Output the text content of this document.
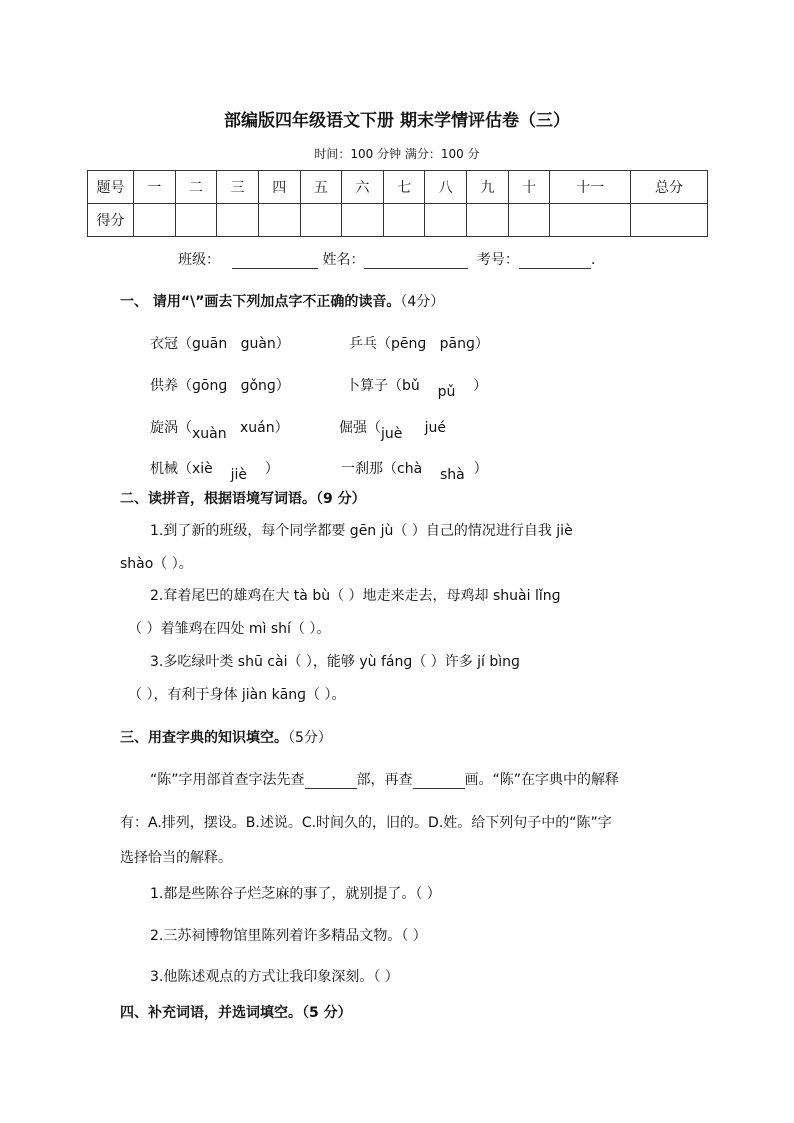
部编版四年级语文下册 期末学情评估卷（三）
时间：100 分钟 满分：100 分
题号	一	二	三	四	五	六	七	八	九	十	十一	总分
得分												
班级：	姓名：	考号：	.
一、 请用“\”画去下列加点字不正确的读音。（4分）
衣冠（guān guàn）	乒乓（pēnɡ pānɡ）
供养（ɡōnɡ ɡǒnɡ）	卜算子（bǔ pǔ ）
旋涡（xuàn xuán）	倔强（juè jué
机械（xiè jiè ）	一刹那（chà shà ）
二、读拼音，根据语境写词语。（9 分）
1.到了新的班级，每个同学都要 gēn jù（ ）自己的情况进行自我 jiè
shào（ ）。
2.耷着尾巴的雄鸡在大 tà bù（ ）地走来走去，母鸡却 shuài lǐnɡ
（ ）着雏鸡在四处 mì shí（ ）。
3.多吃绿叶类 shū cài（ ），能够 yù fánɡ（ ）许多 jí bìnɡ
（ ），有利于身体 jiàn kānɡ（ ）。
三、用查字典的知识填空。（5分）
“陈”字用部首查字法先查	部，再查	画。“陈”在字典中的解释
有：A.排列，摆设。B.述说。C.时间久的，旧的。D.姓。给下列句子中的“陈”字
选择恰当的解释。
1.都是些陈谷子烂芝麻的事了，就别提了。（ ）
2.三苏祠博物馆里陈列着许多精品文物。（ ）
3.他陈述观点的方式让我印象深刻。（ ）
四、补充词语，并选词填空。（5 分）
